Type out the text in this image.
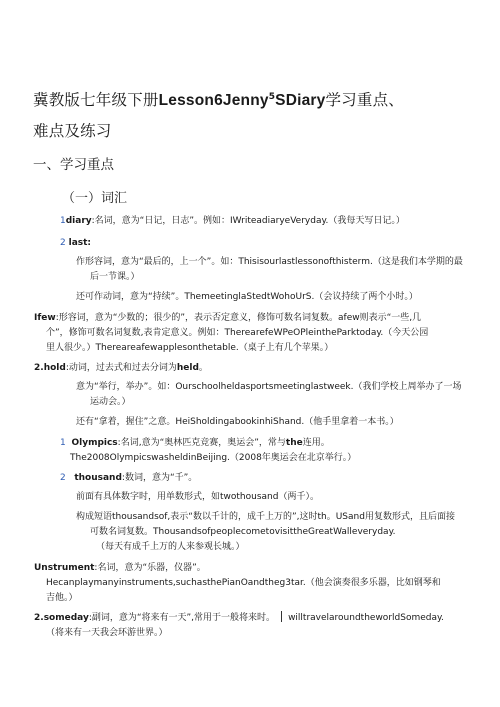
冀教版七年级下册Lesson6Jenny$^5$SDiary学习重点、
难点及练习
一、学习重点
（一）词汇
1diary:名词，意为“日记，日志”。例如：IWriteadiaryeVeryday.（我每天写日记。）
2 last:
作形容词，意为“最后的，上一个”。如：Thisisourlastlessonofthisterm.（这是我们本学期的最
后一节课。）
还可作动词，意为“持续”。ThemeetinglaStedtWohoUrS.（会议持续了两个小时。）
Ifew:形容词，意为“少数的；很少的”，表示否定意义，修饰可数名词复数。afew则表示“一些,几
个”，修饰可数名词复数,表肯定意义。例如：TherearefeWPeOPleintheParktoday.（今天公园
里人很少。）Thereareafewapplesonthetable.（桌子上有几个苹果。）
2.hold:动词，过去式和过去分词为held。
意为“举行，举办”。如：Ourschoolheldasportsmeetinglastweek.（我们学校上周举办了一场
运动会。）
还有“拿着，握住”之意。HeiSholdingabookinhiShand.（他手里拿着一本书。）
1 Olympics:名词,意为“奥林匹克竞赛，奥运会”，常与the连用。
The2008OlympicswasheldinBeijing.（2008年奥运会在北京举行。）
2 thousand:数词，意为“千”。
前面有具体数字时，用单数形式，如twothousand（两千）。
构成短语thousandsof,表示“数以千计的，成千上万的”,这时th。USand用复数形式，且后面接
可数名词复数。ThousandsofpeoplecometovisittheGreatWalleveryday.
（每天有成千上万的人来参观长城。）
Unstrument:名词，意为“乐器，仪器”。
Hecanplaymanyinstruments,suchasthePianOandtheg3tar.（他会演奏很多乐器，比如钢琴和
吉他。）
2.someday:副词，意为“将来有一天”,常用于一般将来时。 willtravelaroundtheworldSomeday.
（将来有一天我会环游世界。）
